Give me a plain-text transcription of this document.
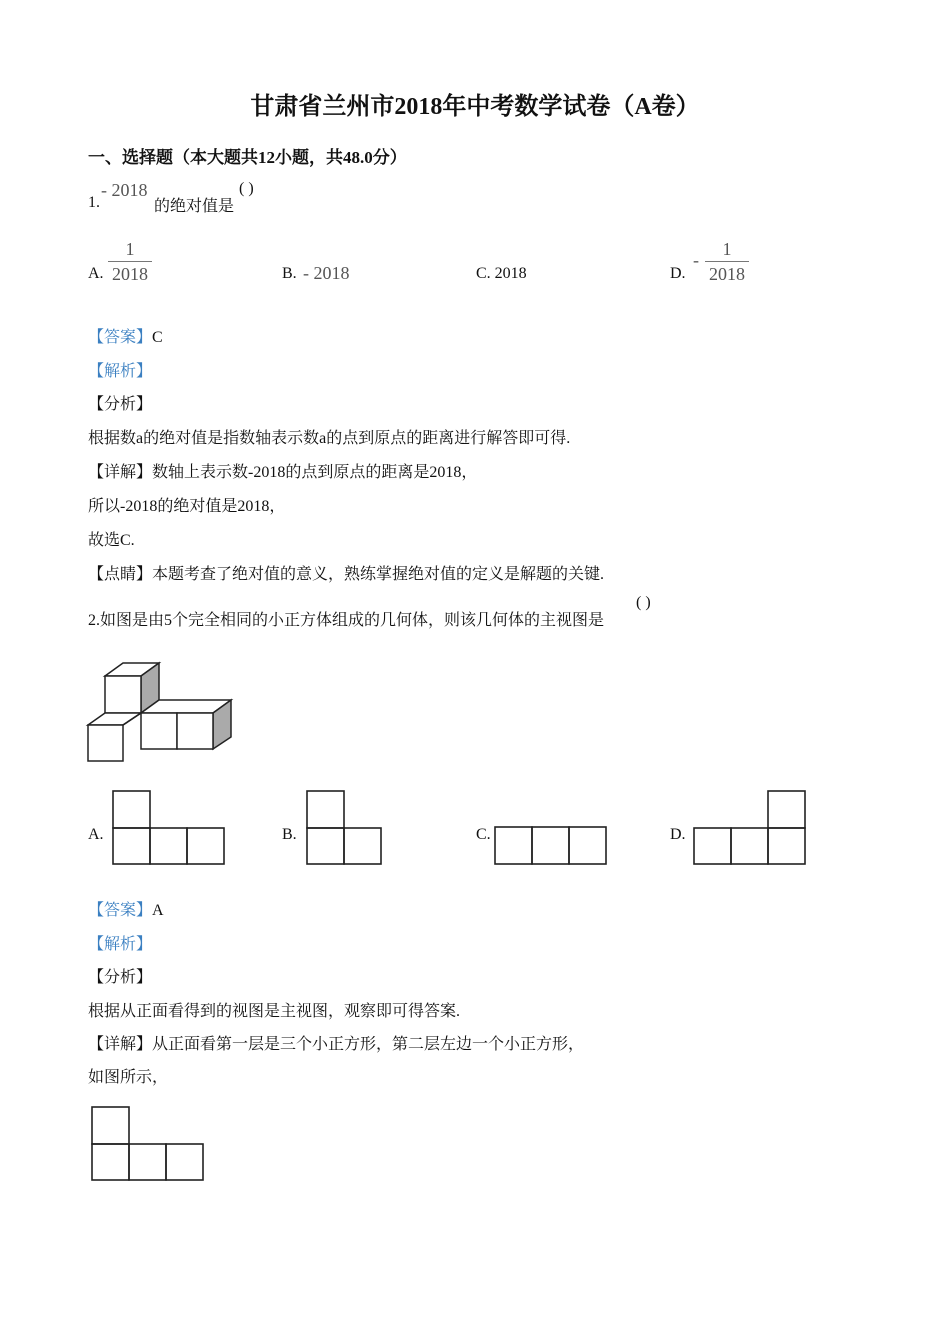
甘肃省兰州市2018年中考数学试卷（A卷）
一、选择题（本大题共12小题，共48.0分）
1.
- 2018
的绝对值是
( )
A.
1
2018	B. - 2018	C. 2018	D.
-
1
2018
【答案】C
【解析】
【分析】
根据数a的绝对值是指数轴表示数a的点到原点的距离进行解答即可得.
【详解】数轴上表示数-2018的点到原点的距离是2018，
所以-2018的绝对值是2018，
故选C.
【点睛】本题考查了绝对值的意义，熟练掌握绝对值的定义是解题的关键.
2.如图是由5个完全相同的小正方体组成的几何体，则该几何体的主视图是
( )
A.	B.	C.	D.
【答案】A
【解析】
【分析】
根据从正面看得到的视图是主视图，观察即可得答案.
【详解】从正面看第一层是三个小正方形，第二层左边一个小正方形，
如图所示，
